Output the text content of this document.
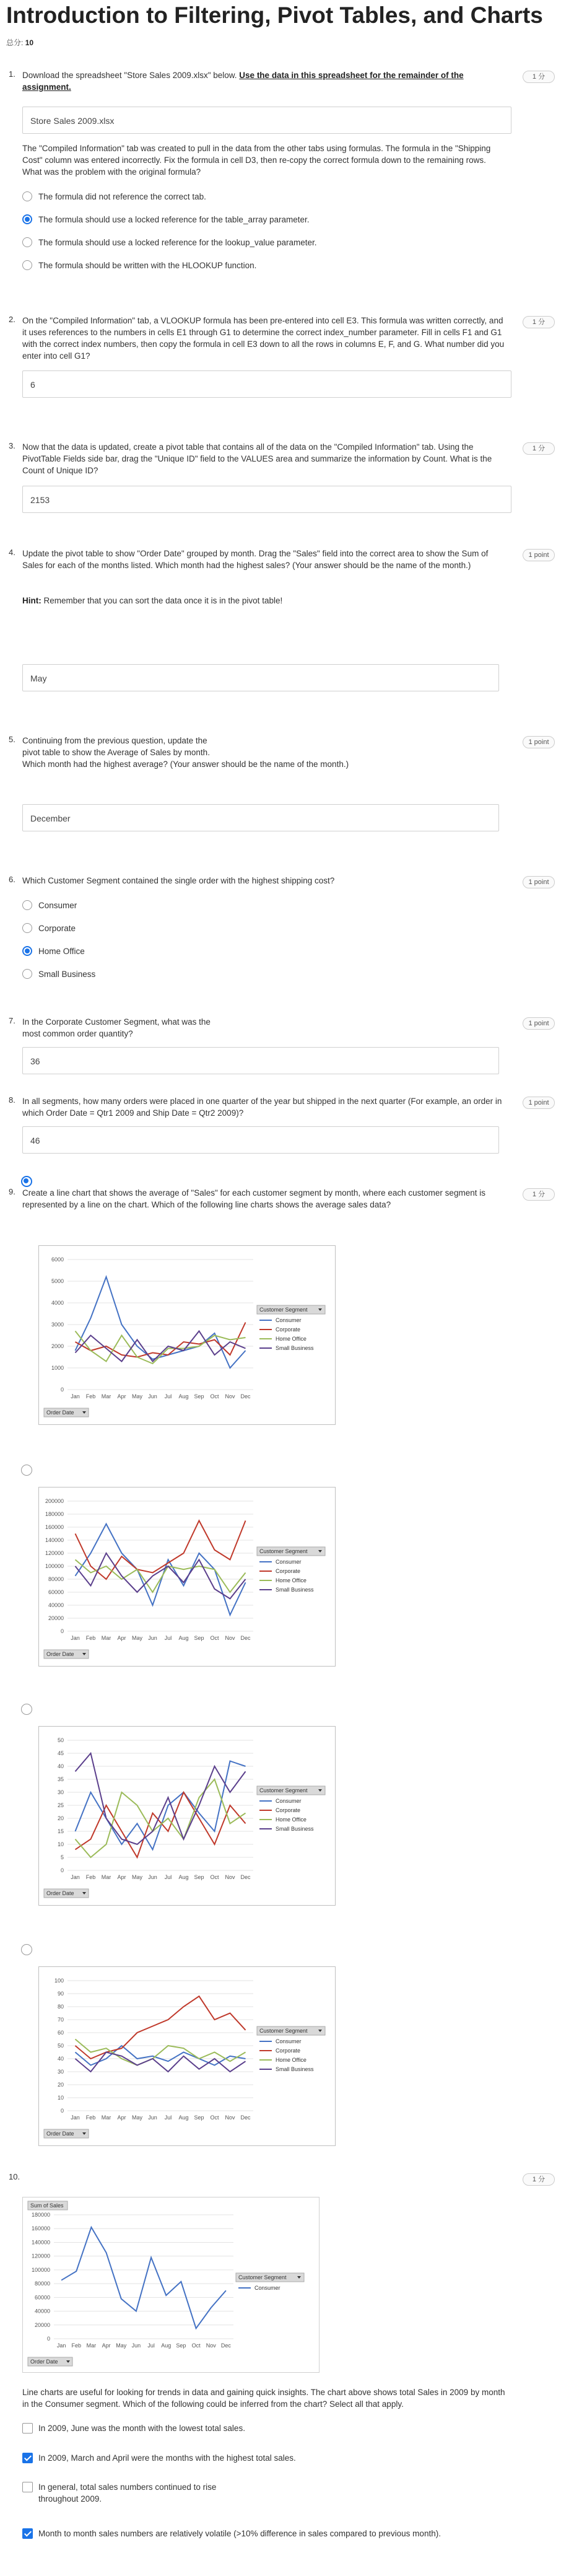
Introduction to Filtering, Pivot Tables, and Charts
总分: 10
1. Download the spreadsheet "Store Sales 2009.xlsx" below. Use the data in this spreadsheet for the remainder of the assignment.
1 分
Store Sales 2009.xlsx
The "Compiled Information" tab was created to pull in the data from the other tabs using formulas. The formula in the "Shipping Cost" column was entered incorrectly. Fix the formula in cell D3, then re-copy the correct formula down to the remaining rows. What was the problem with the original formula?
The formula did not reference the correct tab.
The formula should use a locked reference for the table_array parameter.
The formula should use a locked reference for the lookup_value parameter.
The formula should be written with the HLOOKUP function.
2. On the "Compiled Information" tab, a VLOOKUP formula has been pre-entered into cell E3. This formula was written correctly, and it uses references to the numbers in cells E1 through G1 to determine the correct index_number parameter. Fill in cells F1 and G1 with the correct index numbers, then copy the formula in cell E3 down to all the rows in columns E, F, and G. What number did you enter into cell G1?
1 分
6
3. Now that the data is updated, create a pivot table that contains all of the data on the "Compiled Information" tab. Using the PivotTable Fields side bar, drag the "Unique ID" field to the VALUES area and summarize the information by Count. What is the Count of Unique ID?
1 分
2153
4. Update the pivot table to show "Order Date" grouped by month. Drag the "Sales" field into the correct area to show the Sum of Sales for each of the months listed. Which month had the highest sales? (Your answer should be the name of the month.)
1 point
Hint: Remember that you can sort the data once it is in the pivot table!
May
5. Continuing from the previous question, update the pivot table to show the Average of Sales by month.
Which month had the highest average? (Your answer should be the name of the month.)
1 point
December
6. Which Customer Segment contained the single order with the highest shipping cost?	1 point
Consumer
Corporate
Home Office
Small Business
7. In the Corporate Customer Segment, what was the most common order quantity?
1 point
36
8. In all segments, how many orders were placed in one quarter of the year but shipped in the next quarter (For example, an order in which Order Date = Qtr1 2009 and Ship Date = Qtr2 2009)?
1 point
46
9. Create a line chart that shows the average of "Sales" for each customer segment by month, where each customer segment is represented by a line on the chart. Which of the following line charts shows the average sales data?
1 分
0
1000
2000
3000
4000
5000
6000
Jan Feb Mar Apr May Jun Jul Aug Sep Oct Nov Dec
Customer Segment
Consumer
Corporate
Home Office
Small Business
Order Date
0
20000
40000
60000
80000
100000
120000
140000
160000
180000
200000
Jan Feb Mar Apr May Jun Jul Aug Sep Oct Nov Dec
Customer Segment
Consumer
Corporate
Home Office
Small Business
Order Date
0
5
10
15
20
25
30
35
40
45
50
Jan Feb Mar Apr May Jun Jul Aug Sep Oct Nov Dec
Customer Segment
Consumer
Corporate
Home Office
Small Business
Order Date
0
10
20
30
40
50
60
70
80
90
100
Jan Feb Mar Apr May Jun Jul Aug Sep Oct Nov Dec
Customer Segment
Consumer
Corporate
Home Office
Small Business
Order Date
10.	1 分
Sum of Sales
0
20000
40000
60000
80000
100000
120000
140000
160000
180000
Jan Feb Mar Apr May Jun Jul Aug Sep Oct Nov Dec
Customer Segment
Consumer
Order Date
Line charts are useful for looking for trends in data and gaining quick insights. The chart above shows total Sales in 2009 by month in the Consumer segment. Which of the following could be inferred from the chart? Select all that apply.
In 2009, June was the month with the lowest total sales.
In 2009, March and April were the months with the highest total sales.
In general, total sales numbers continued to rise
throughout 2009.
Month to month sales numbers are relatively volatile (>10% difference in sales compared to previous month).
